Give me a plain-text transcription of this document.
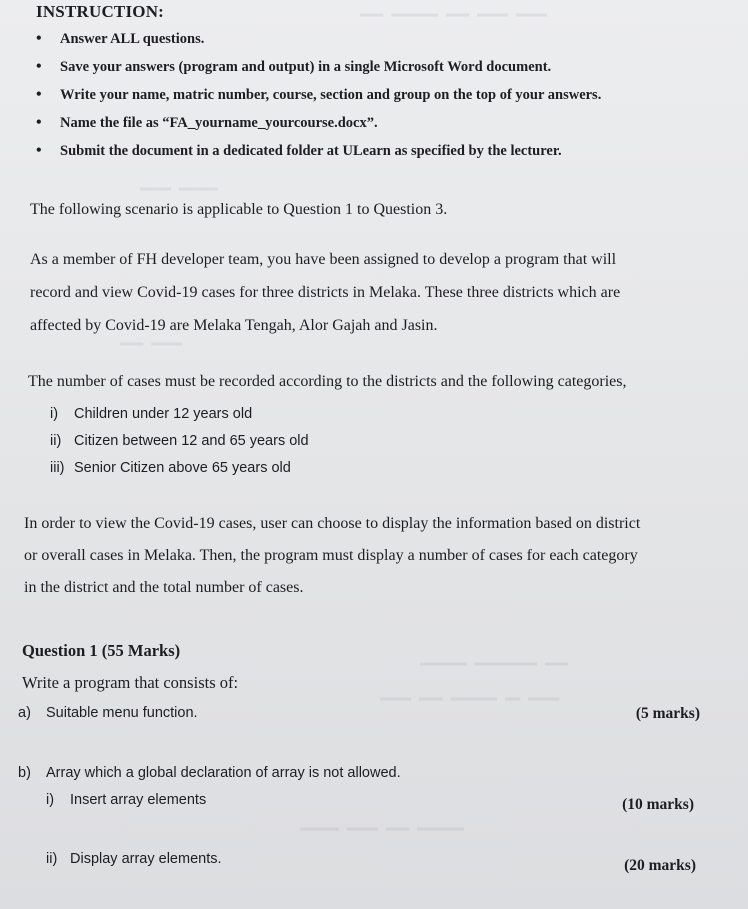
▬▬▬ ▬▬▬▬▬▬ ▬▬▬ ▬▬▬▬ ▬▬▬▬
▬▬▬▬ ▬▬▬▬▬
▬▬▬ ▬▬▬▬
▬▬▬▬▬▬ ▬▬▬▬▬▬▬▬ ▬▬▬
▬▬▬▬ ▬▬▬ ▬▬▬▬▬▬ ▬▬ ▬▬▬▬
▬▬▬▬▬ ▬▬▬▬ ▬▬▬ ▬▬▬▬▬▬
INSTRUCTION:
• Answer ALL questions.
• Save your answers (program and output) in a single Microsoft Word document.
• Write your name, matric number, course, section and group on the top of your answers.
• Name the file as “FA_yourname_yourcourse.docx”.
• Submit the document in a dedicated folder at ULearn as specified by the lecturer.
The following scenario is applicable to Question 1 to Question 3.
As a member of FH developer team, you have been assigned to develop a program that will
record and view Covid-19 cases for three districts in Melaka. These three districts which are
affected by Covid-19 are Melaka Tengah, Alor Gajah and Jasin.
The number of cases must be recorded according to the districts and the following categories,
i) Children under 12 years old
ii) Citizen between 12 and 65 years old
iii) Senior Citizen above 65 years old
In order to view the Covid-19 cases, user can choose to display the information based on district
or overall cases in Melaka. Then, the program must display a number of cases for each category
in the district and the total number of cases.
Question 1 (55 Marks)
Write a program that consists of:
a) Suitable menu function.	(5 marks)
b) Array which a global declaration of array is not allowed.
i) Insert array elements	(10 marks)
ii) Display array elements.	(20 marks)
